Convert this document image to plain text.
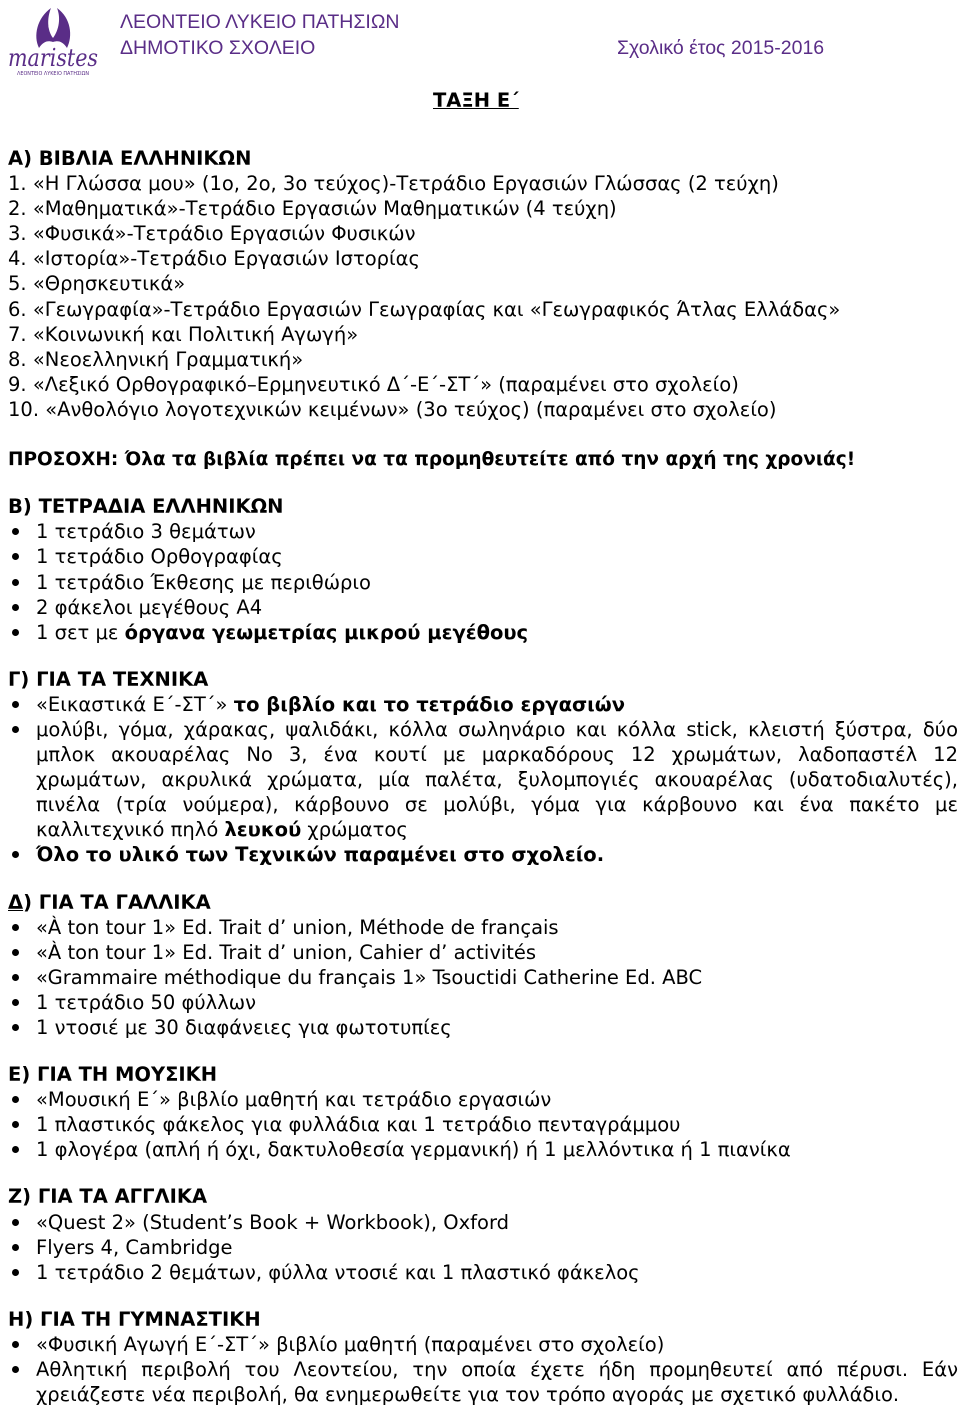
maristes
ΛΕΟΝΤΕΙΟ ΛΥΚΕΙΟ ΠΑΤΗΣΙΩΝ
ΛΕΟΝΤΕΙΟ ΛΥΚΕΙΟ ΠΑΤΗΣΙΩΝ
ΔΗΜΟΤΙΚΟ ΣΧΟΛΕΙΟ	Σχολικό έτος 2015-2016
ΤΑΞΗ Ε΄
Α) ΒΙΒΛΙΑ ΕΛΛΗΝΙΚΩΝ
1. «Η Γλώσσα μου» (1ο, 2ο, 3ο τεύχος)-Τετράδιο Εργασιών Γλώσσας (2 τεύχη)
2. «Μαθηματικά»-Τετράδιο Εργασιών Μαθηματικών (4 τεύχη)
3. «Φυσικά»-Τετράδιο Εργασιών Φυσικών
4. «Ιστορία»-Τετράδιο Εργασιών Ιστορίας
5. «Θρησκευτικά»
6. «Γεωγραφία»-Τετράδιο Εργασιών Γεωγραφίας και «Γεωγραφικός Άτλας Ελλάδας»
7. «Κοινωνική και Πολιτική Αγωγή»
8. «Νεοελληνική Γραμματική»
9. «Λεξικό Ορθογραφικό–Ερμηνευτικό Δ΄-Ε΄-ΣΤ΄» (παραμένει στο σχολείο)
10. «Ανθολόγιο λογοτεχνικών κειμένων» (3ο τεύχος) (παραμένει στο σχολείο)
ΠΡΟΣΟΧΗ: Όλα τα βιβλία πρέπει να τα προμηθευτείτε από την αρχή της χρονιάς!
Β) ΤΕΤΡΑΔΙΑ ΕΛΛΗΝΙΚΩΝ
1 τετράδιο 3 θεμάτων
1 τετράδιο Ορθογραφίας
1 τετράδιο Έκθεσης με περιθώριο
2 φάκελοι μεγέθους Α4
1 σετ με όργανα γεωμετρίας μικρού μεγέθους
Γ) ΓΙΑ ΤΑ ΤΕΧΝΙΚΑ
«Εικαστικά Ε΄-ΣΤ΄» το βιβλίο και το τετράδιο εργασιών
μολύβι, γόμα, χάρακας, ψαλιδάκι, κόλλα σωληνάριο και κόλλα stick, κλειστή ξύστρα, δύο μπλοκ ακουαρέλας Νο 3, ένα κουτί με μαρκαδόρους 12 χρωμάτων, λαδοπαστέλ 12 χρωμάτων, ακρυλικά χρώματα, μία παλέτα, ξυλομπογιές ακουαρέλας (υδατοδιαλυτές), πινέλα (τρία νούμερα), κάρβουνο σε μολύβι, γόμα για κάρβουνο και ένα πακέτο με καλλιτεχνικό πηλό λευκού χρώματος
Όλο το υλικό των Τεχνικών παραμένει στο σχολείο.
Δ) ΓΙΑ ΤΑ ΓΑΛΛΙΚΑ
«À ton tour 1» Ed. Trait d’ union, Méthode de français
«À ton tour 1» Ed. Trait d’ union, Cahier d’ activités
«Grammaire méthodique du français 1» Tsouctidi Catherine Ed. ABC
1 τετράδιο 50 φύλλων
1 ντοσιέ με 30 διαφάνειες για φωτοτυπίες
Ε) ΓΙΑ ΤΗ ΜΟΥΣΙΚΗ
«Μουσική Ε΄» βιβλίο μαθητή και τετράδιο εργασιών
1 πλαστικός φάκελος για φυλλάδια και 1 τετράδιο πενταγράμμου
1 φλογέρα (απλή ή όχι, δακτυλοθεσία γερμανική) ή 1 μελλόντικα ή 1 πιανίκα
Ζ) ΓΙΑ ΤΑ ΑΓΓΛΙΚΑ
«Quest 2» (Student’s Book + Workbook), Oxford
Flyers 4, Cambridge
1 τετράδιο 2 θεμάτων, φύλλα ντοσιέ και 1 πλαστικό φάκελος
Η) ΓΙΑ ΤΗ ΓΥΜΝΑΣΤΙΚΗ
«Φυσική Αγωγή Ε΄-ΣΤ΄» βιβλίο μαθητή (παραμένει στο σχολείο)
Αθλητική περιβολή του Λεοντείου, την οποία έχετε ήδη προμηθευτεί από πέρυσι. Εάν χρειάζεστε νέα περιβολή, θα ενημερωθείτε για τον τρόπο αγοράς με σχετικό φυλλάδιο.
